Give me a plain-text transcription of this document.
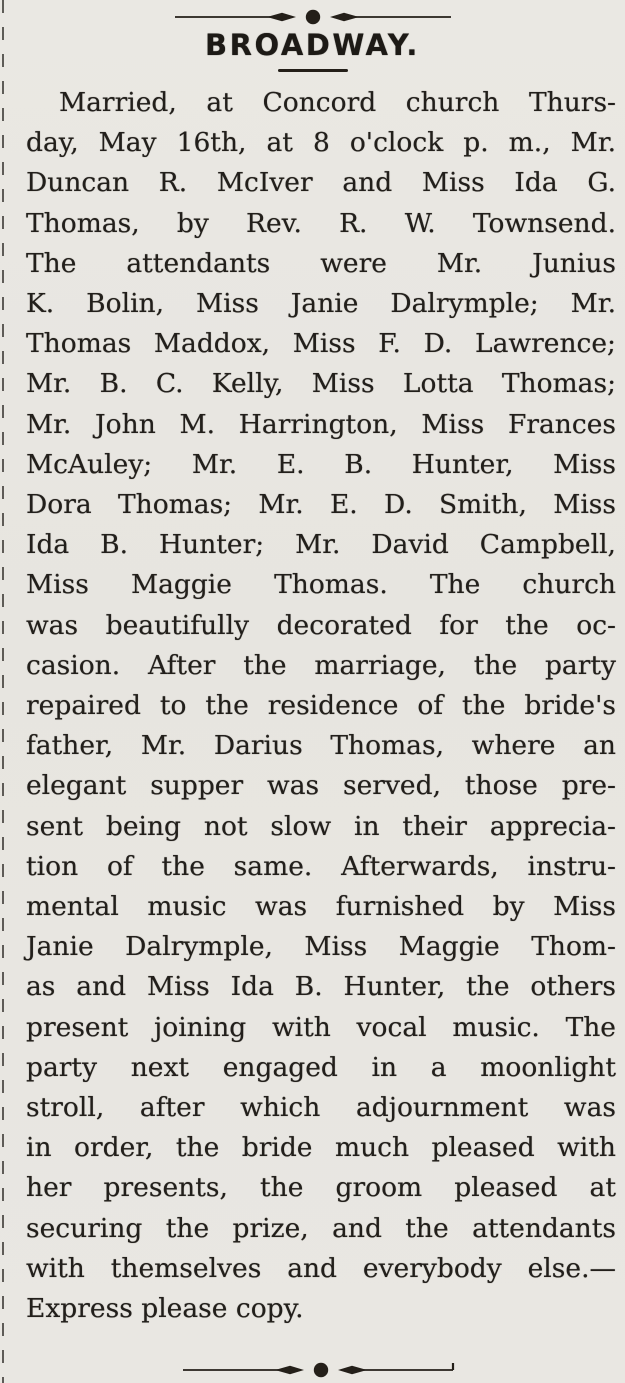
BROADWAY.
Married, at Concord church Thurs-
day, May 16th, at 8 o'clock p. m., Mr.
Duncan R. McIver and Miss Ida G.
Thomas, by Rev. R. W. Townsend.
The attendants were Mr. Junius
K. Bolin, Miss Janie Dalrymple; Mr.
Thomas Maddox, Miss F. D. Lawrence;
Mr. B. C. Kelly, Miss Lotta Thomas;
Mr. John M. Harrington, Miss Frances
McAuley; Mr. E. B. Hunter, Miss
Dora Thomas; Mr. E. D. Smith, Miss
Ida B. Hunter; Mr. David Campbell,
Miss Maggie Thomas. The church
was beautifully decorated for the oc-
casion. After the marriage, the party
repaired to the residence of the bride's
father, Mr. Darius Thomas, where an
elegant supper was served, those pre-
sent being not slow in their apprecia-
tion of the same. Afterwards, instru-
mental music was furnished by Miss
Janie Dalrymple, Miss Maggie Thom-
as and Miss Ida B. Hunter, the others
present joining with vocal music. The
party next engaged in a moonlight
stroll, after which adjournment was
in order, the bride much pleased with
her presents, the groom pleased at
securing the prize, and the attendants
with themselves and everybody else.—
Express please copy.
